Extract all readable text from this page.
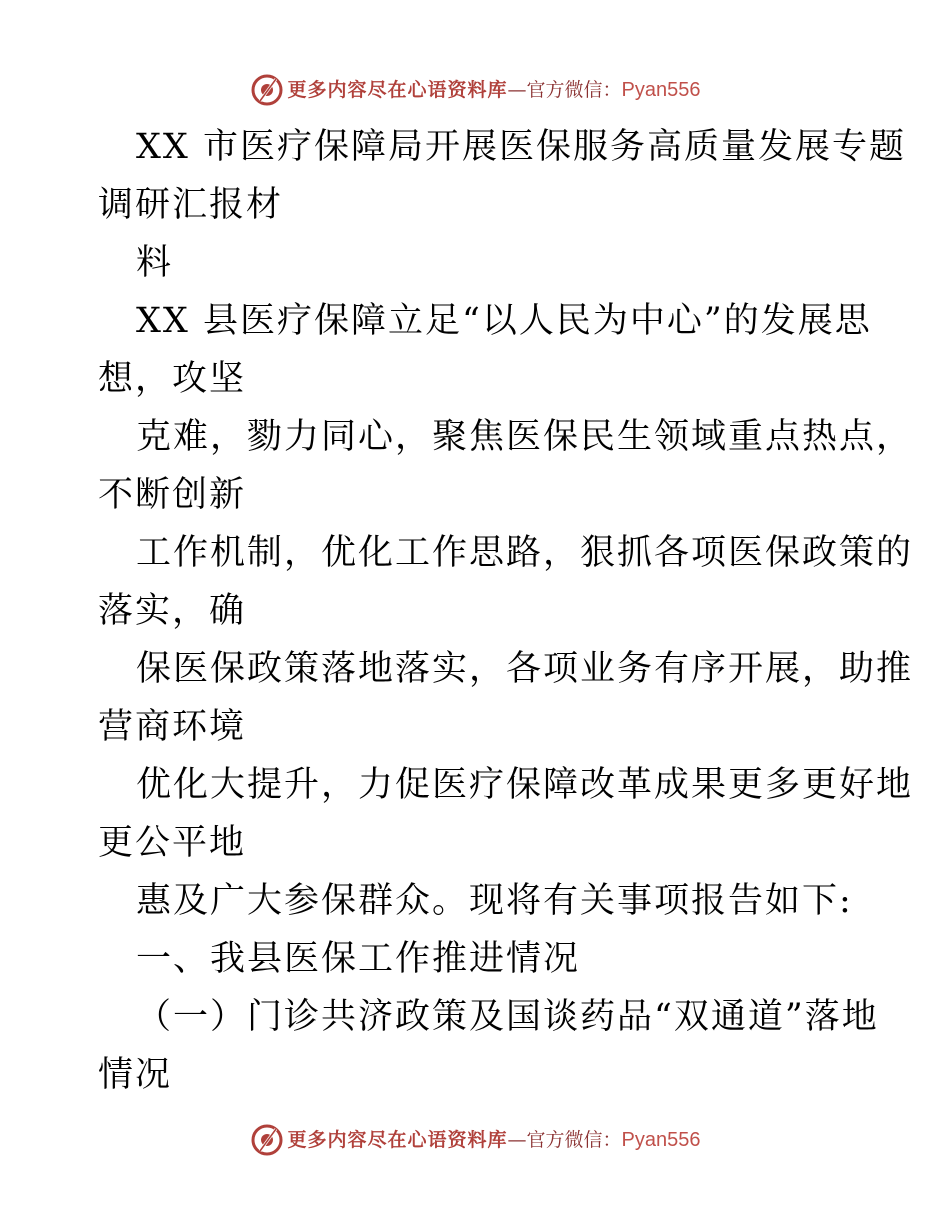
更多内容尽在心语资料库 — 官方微信： Pyan556
XX 市医疗保障局开展医保服务高质量发展专题
调研汇报材
料
XX 县医疗保障立足“以人民为中心”的发展思
想，攻坚
克难，勠力同心，聚焦医保民生领域重点热点，
不断创新
工作机制，优化工作思路，狠抓各项医保政策的
落实，确
保医保政策落地落实，各项业务有序开展，助推
营商环境
优化大提升，力促医疗保障改革成果更多更好地
更公平地
惠及广大参保群众。现将有关事项报告如下:
一、我县医保工作推进情况
（一）门诊共济政策及国谈药品“双通道”落地
情况
更多内容尽在心语资料库 — 官方微信： Pyan556
